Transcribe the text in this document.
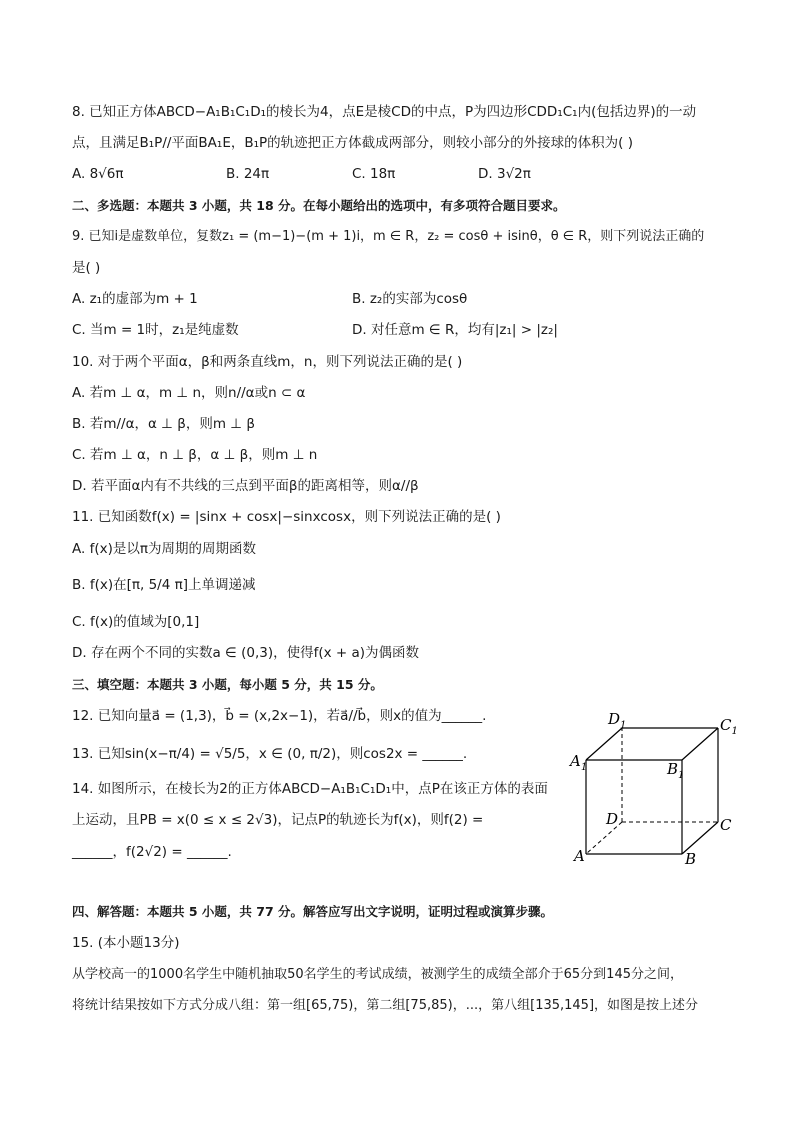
8. 已知正方体ABCD−A₁B₁C₁D₁的棱长为4，点E是棱CD的中点，P为四边形CDD₁C₁内(包括边界)的一动
点，且满足B₁P//平面BA₁E，B₁P的轨迹把正方体截成两部分，则较小部分的外接球的体积为( )
A. 8√6π	B. 24π	C. 18π	D. 3√2π
二、多选题：本题共 3 小题，共 18 分。在每小题给出的选项中，有多项符合题目要求。
9. 已知i是虚数单位，复数z₁ = (m−1)−(m + 1)i，m ∈ R，z₂ = cosθ + isinθ，θ ∈ R，则下列说法正确的
是( )
A. z₁的虚部为m + 1	B. z₂的实部为cosθ
C. 当m = 1时，z₁是纯虚数	D. 对任意m ∈ R，均有|z₁| > |z₂|
10. 对于两个平面α，β和两条直线m，n，则下列说法正确的是( )
A. 若m ⊥ α，m ⊥ n，则n//α或n ⊂ α
B. 若m//α，α ⊥ β，则m ⊥ β
C. 若m ⊥ α，n ⊥ β，α ⊥ β，则m ⊥ n
D. 若平面α内有不共线的三点到平面β的距离相等，则α//β
11. 已知函数f(x) = |sinx + cosx|−sinxcosx，则下列说法正确的是( )
A. f(x)是以π为周期的周期函数
B. f(x)在[π, 5/4 π]上单调递减
C. f(x)的值域为[0,1]
D. 存在两个不同的实数a ∈ (0,3)，使得f(x + a)为偶函数
三、填空题：本题共 3 小题，每小题 5 分，共 15 分。
12. 已知向量a⃗ = (1,3)，b⃗ = (x,2x−1)，若a⃗//b⃗，则x的值为______.
13. 已知sin(x−π/4) = √5/5，x ∈ (0, π/2)，则cos2x = ______.
14. 如图所示，在棱长为2的正方体ABCD−A₁B₁C₁D₁中，点P在该正方体的表面
上运动，且PB = x(0 ≤ x ≤ 2√3)，记点P的轨迹长为f(x)，则f(2) =
______，f(2√2) = ______.
$D_1$	$C_1$
$A_1$	$B_1$
D	C
A	B
四、解答题：本题共 5 小题，共 77 分。解答应写出文字说明，证明过程或演算步骤。
15. (本小题13分)
从学校高一的1000名学生中随机抽取50名学生的考试成绩，被测学生的成绩全部介于65分到145分之间，
将统计结果按如下方式分成八组：第一组[65,75)，第二组[75,85)，...，第八组[135,145]，如图是按上述分
